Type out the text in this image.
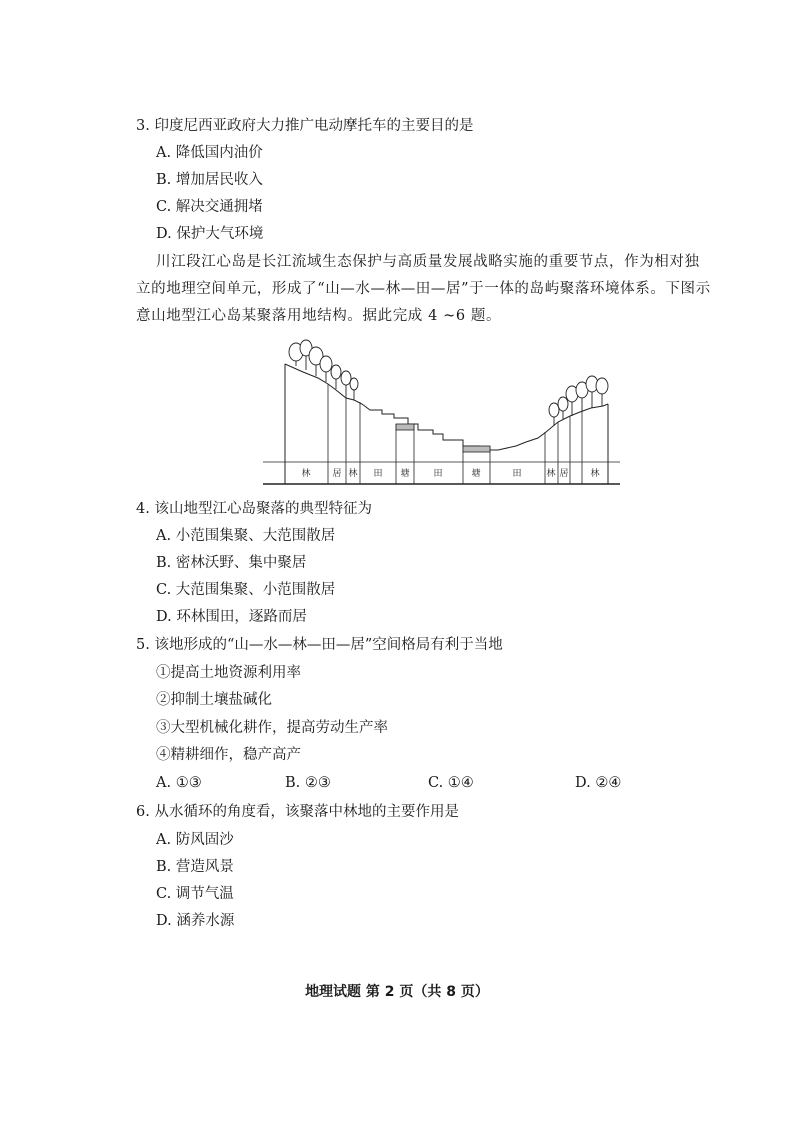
3. 印度尼西亚政府大力推广电动摩托车的主要目的是
A. 降低国内油价
B. 增加居民收入
C. 解决交通拥堵
D. 保护大气环境
川江段江心岛是长江流域生态保护与高质量发展战略实施的重要节点，作为相对独
立的地理空间单元，形成了“山—水—林—田—居”于一体的岛屿聚落环境体系。下图示
意山地型江心岛某聚落用地结构。据此完成 4 ~6 题。
林 居 林 田 塘	田	塘	田	林 居 林
4. 该山地型江心岛聚落的典型特征为
A. 小范围集聚、大范围散居
B. 密林沃野、集中聚居
C. 大范围集聚、小范围散居
D. 环林围田，逐路而居
5. 该地形成的“山—水—林—田—居”空间格局有利于当地
①提高土地资源利用率
②抑制土壤盐碱化
③大型机械化耕作，提高劳动生产率
④精耕细作，稳产高产
A. ①③	B. ②③	C. ①④	D. ②④
6. 从水循环的角度看，该聚落中林地的主要作用是
A. 防风固沙
B. 营造风景
C. 调节气温
D. 涵养水源
地理试题 第 2 页（共 8 页）
